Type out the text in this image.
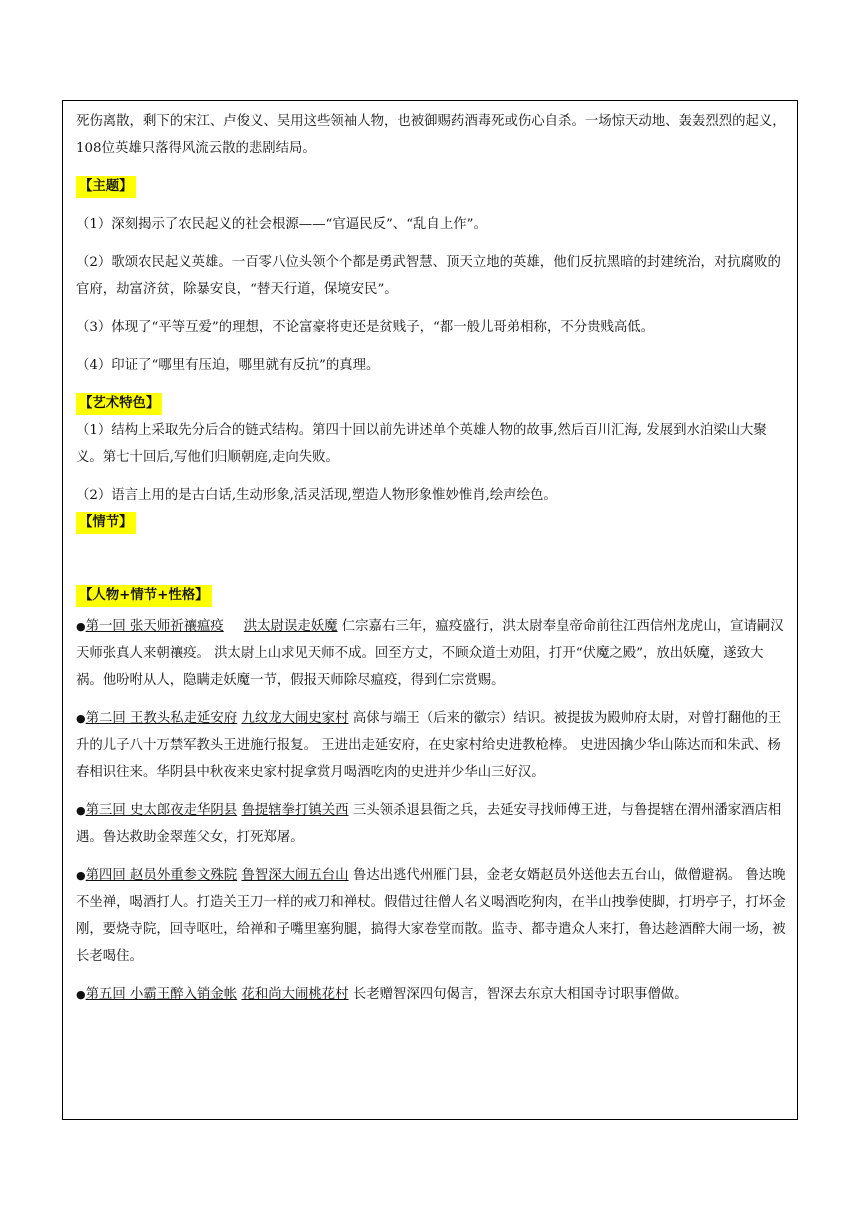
死伤离散，剩下的宋江、卢俊义、吴用这些领袖人物，也被御赐药酒毒死或伤心自杀。一场惊天动地、轰轰烈烈的起义，108位英雄只落得风流云散的悲剧结局。

【主题】

（1）深刻揭示了农民起义的社会根源——“官逼民反”、“乱自上作”。

（2）歌颂农民起义英雄。一百零八位头领个个都是勇武智慧、顶天立地的英雄，他们反抗黑暗的封建统治，对抗腐败的官府，劫富济贫，除暴安良，“替天行道，保境安民”。

（3）体现了“平等互爱”的理想，不论富豪将吏还是贫贱子，“都一般儿哥弟相称，不分贵贱高低。

（4）印证了“哪里有压迫，哪里就有反抗”的真理。

【艺术特色】

（1）结构上采取先分后合的链式结构。第四十回以前先讲述单个英雄人物的故事,然后百川汇海, 发展到水泊梁山大聚义。第七十回后,写他们归顺朝庭,走向失败。

（2）语言上用的是古白话,生动形象,活灵活现,塑造人物形象惟妙惟肖,绘声绘色。

【情节】
【人物+情节+性格】

●第一回 张天师祈禳瘟疫 洪太尉误走妖魔 仁宗嘉右三年，瘟疫盛行，洪太尉奉皇帝命前往江西信州龙虎山，宣请嗣汉天师张真人来朝禳疫。 洪太尉上山求见天师不成。回至方丈，不顾众道士劝阻，打开“伏魔之殿”，放出妖魔，遂致大祸。他吩咐从人，隐瞒走妖魔一节，假报天师除尽瘟疫，得到仁宗赏赐。

●第二回 王教头私走延安府 九纹龙大闹史家村 高俅与端王（后来的徽宗）结识。被提拔为殿帅府太尉，对曾打翻他的王升的儿子八十万禁军教头王进施行报复。 王进出走延安府，在史家村给史进教枪棒。 史进因擒少华山陈达而和朱武、杨春相识往来。华阴县中秋夜来史家村捉拿赏月喝酒吃肉的史进并少华山三好汉。

●第三回 史太郎夜走华阴县 鲁提辖拳打镇关西 三头领杀退县衙之兵，去延安寻找师傅王进，与鲁提辖在渭州潘家酒店相遇。鲁达救助金翠莲父女，打死郑屠。

●第四回 赵员外重参文殊院 鲁智深大闹五台山 鲁达出逃代州雁门县，金老女婿赵员外送他去五台山，做僧避祸。 鲁达晚不坐禅，喝酒打人。打造关王刀一样的戒刀和禅杖。假借过往僧人名义喝酒吃狗肉，在半山拽拳使脚，打坍亭子，打坏金刚，要烧寺院，回寺呕吐，给禅和子嘴里塞狗腿，搞得大家卷堂而散。监寺、都寺遣众人来打，鲁达趁酒醉大闹一场，被长老喝住。

●第五回 小霸王醉入销金帐 花和尚大闹桃花村 长老赠智深四句偈言，智深去东京大相国寺讨职事僧做。
